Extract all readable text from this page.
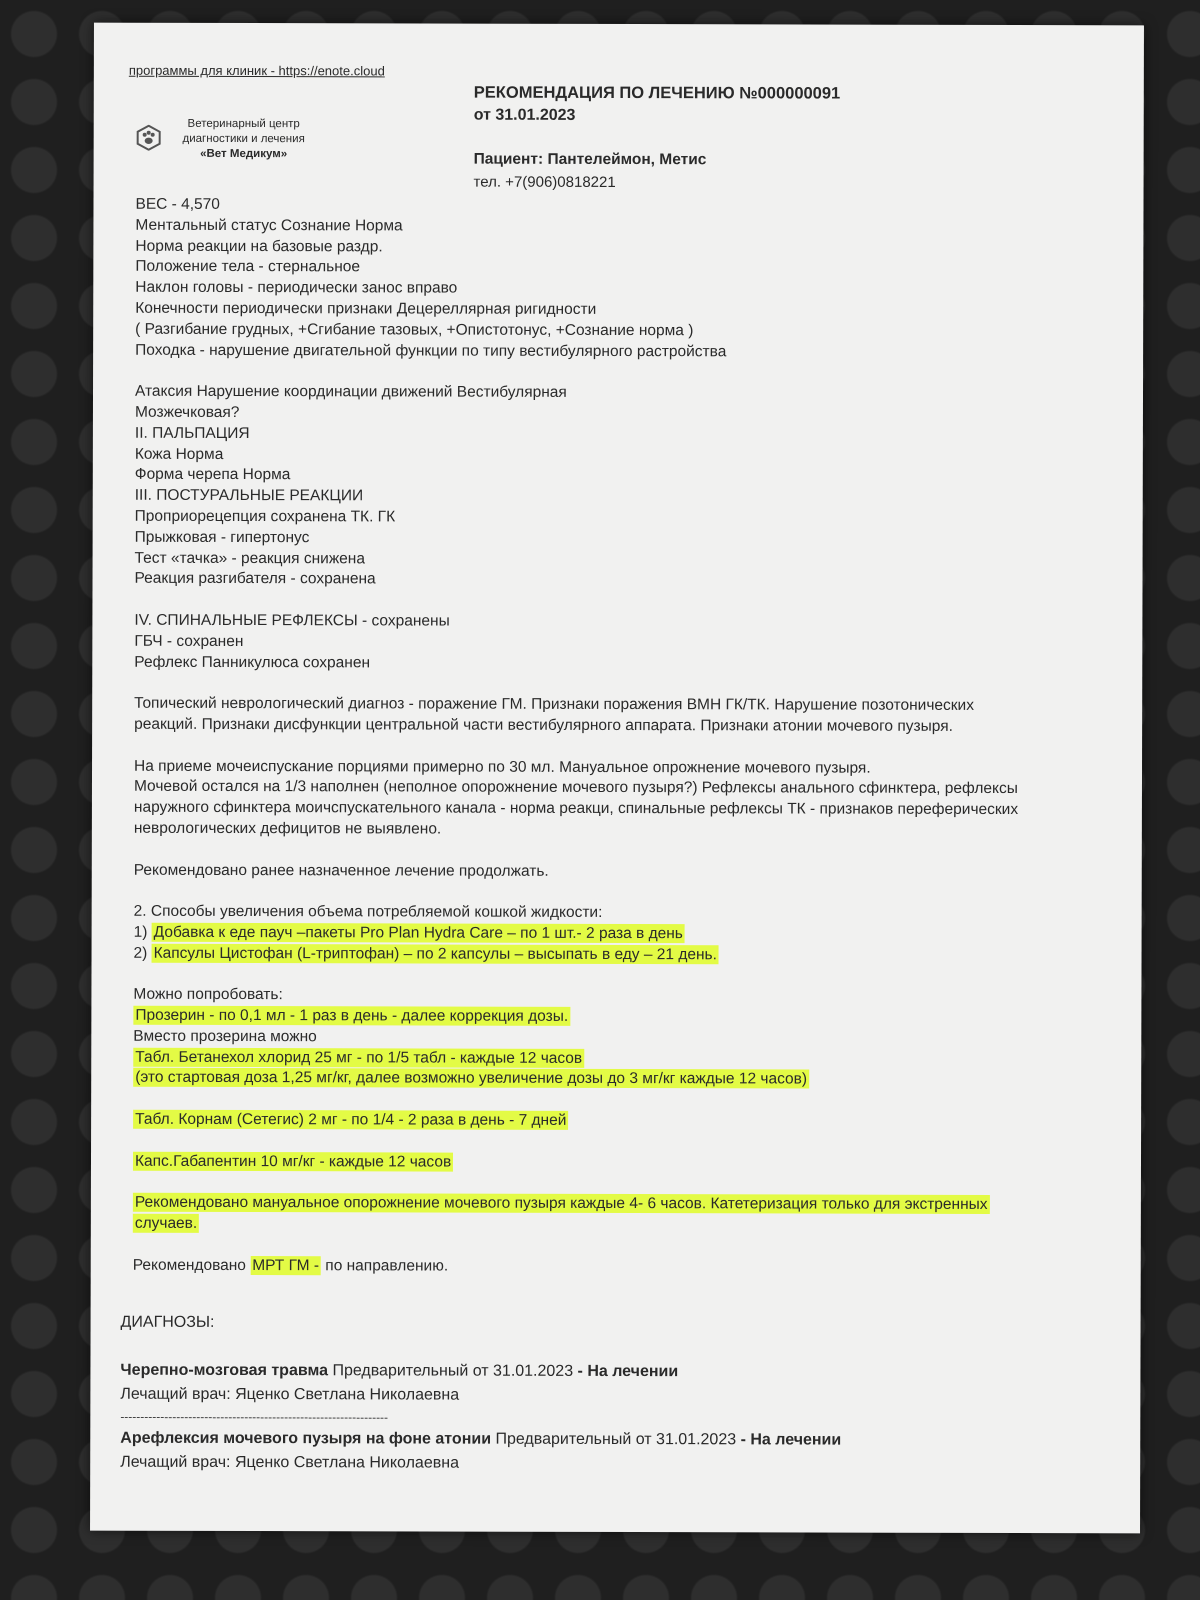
программы для клиник - https://enote.cloud
Ветеринарный центр
диагностики и лечения
«Вет Медикум»
РЕКОМЕНДАЦИЯ ПО ЛЕЧЕНИЮ №000000091
от 31.01.2023
Пациент: Пантелеймон, Метис
тел. +7(906)0818221
ВЕС - 4,570
Ментальный статус Сознание Норма
Норма реакции на базовые раздр.
Положение тела - стернальное
Наклон головы - периодически занос вправо
Конечности периодически признаки Децереллярная ригидности
( Разгибание грудных, +Сгибание тазовых, +Опистотонус, +Сознание норма )
Походка - нарушение двигательной функции по типу вестибулярного растройства
Атаксия Нарушение координации движений Вестибулярная
Мозжечковая?
II. ПАЛЬПАЦИЯ
Кожа Норма
Форма черепа Норма
III. ПОСТУРАЛЬНЫЕ РЕАКЦИИ
Проприорецепция сохранена ТК. ГК
Прыжковая - гипертонус
Тест «тачка» - реакция снижена
Реакция разгибателя - сохранена
IV. СПИНАЛЬНЫЕ РЕФЛЕКСЫ - сохранены
ГБЧ - сохранен
Рефлекс Панникулюса сохранен
Топический неврологический диагноз - поражение ГМ. Признаки поражения ВМН ГК/ТК. Нарушение позотонических
реакций. Признаки дисфункции центральной части вестибулярного аппарата. Признаки атонии мочевого пузыря.
На приеме мочеиспускание порциями примерно по 30 мл. Мануальное опрожнение мочевого пузыря.
Мочевой остался на 1/3 наполнен (неполное опорожнение мочевого пузыря?) Рефлексы анального сфинктера, рефлексы
наружного сфинктера моичспускательного канала - норма реакци, спинальные рефлексы ТК - признаков переферических
неврологических дефицитов не выявлено.
Рекомендовано ранее назначенное лечение продолжать.
2. Способы увеличения объема потребляемой кошкой жидкости:
1) Добавка к еде пауч –пакеты Pro Plan Hydra Care – по 1 шт.- 2 раза в день
2) Капсулы Цистофан (L-триптофан) – по 2 капсулы – высыпать в еду – 21 день.
Можно попробовать:
Прозерин - по 0,1 мл - 1 раз в день - далее коррекция дозы.
Вместо прозерина можно
Табл. Бетанехол хлорид 25 мг - по 1/5 табл - каждые 12 часов
(это стартовая доза 1,25 мг/кг, далее возможно увеличение дозы до 3 мг/кг каждые 12 часов)
Табл. Корнам (Сетегис) 2 мг - по 1/4 - 2 раза в день - 7 дней
Капс.Габапентин 10 мг/кг - каждые 12 часов
Рекомендовано мануальное опорожнение мочевого пузыря каждые 4- 6 часов. Катетеризация только для экстренных
случаев.
Рекомендовано МРТ ГМ - по направлению.
ДИАГНОЗЫ:
Черепно-мозговая травма Предварительный от 31.01.2023 - На лечении
Лечащий врач: Яценко Светлана Николаевна
-------------------------------------------------------------------
Арефлексия мочевого пузыря на фоне атонии Предварительный от 31.01.2023 - На лечении
Лечащий врач: Яценко Светлана Николаевна
